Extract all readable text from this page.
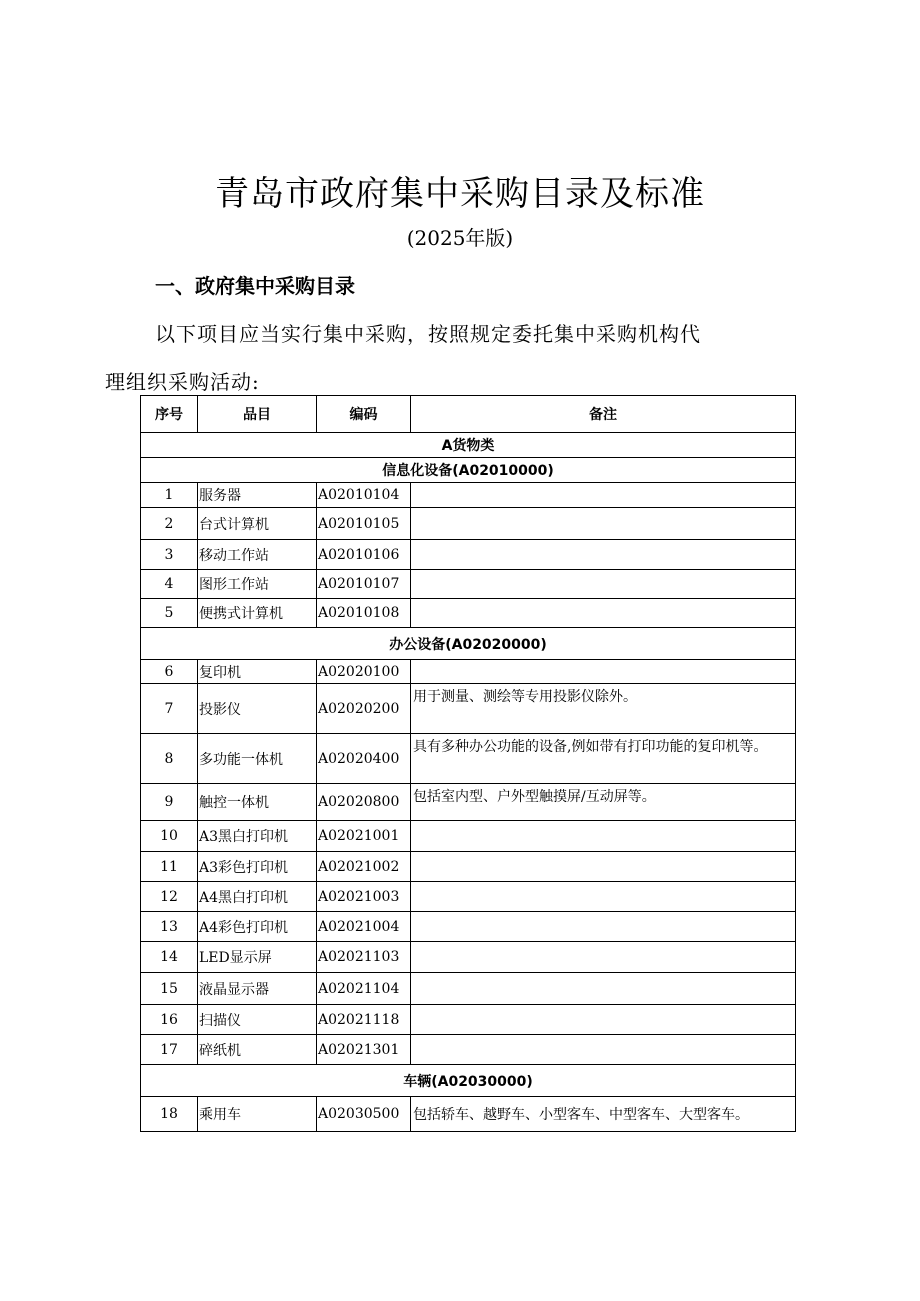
青岛市政府集中采购目录及标准
(2025年版)
一、政府集中采购目录
以下项目应当实行集中采购，按照规定委托集中采购机构代
理组织采购活动:
序号	品目	编码	备注
A货物类			
信息化设备(A02010000)			
1	服务器	A02010104	
2	台式计算机	A02010105	
3	移动工作站	A02010106	
4	图形工作站	A02010107	
5	便携式计算机	A02010108	
办公设备(A02020000)			
6	复印机	A02020100	
7	投影仪	A02020200	用于测量、测绘等专用投影仪除外。
8	多功能一体机	A02020400	具有多种办公功能的设备,例如带有打印功能的复印机等。
9	触控一体机	A02020800	包括室内型、户外型触摸屏/互动屏等。
10	A3黑白打印机	A02021001	
11	A3彩色打印机	A02021002	
12	A4黑白打印机	A02021003	
13	A4彩色打印机	A02021004	
14	LED显示屏	A02021103	
15	液晶显示器	A02021104	
16	扫描仪	A02021118	
17	碎纸机	A02021301	
车辆(A02030000)			
18	乘用车	A02030500	包括轿车、越野车、小型客车、中型客车、大型客车。
